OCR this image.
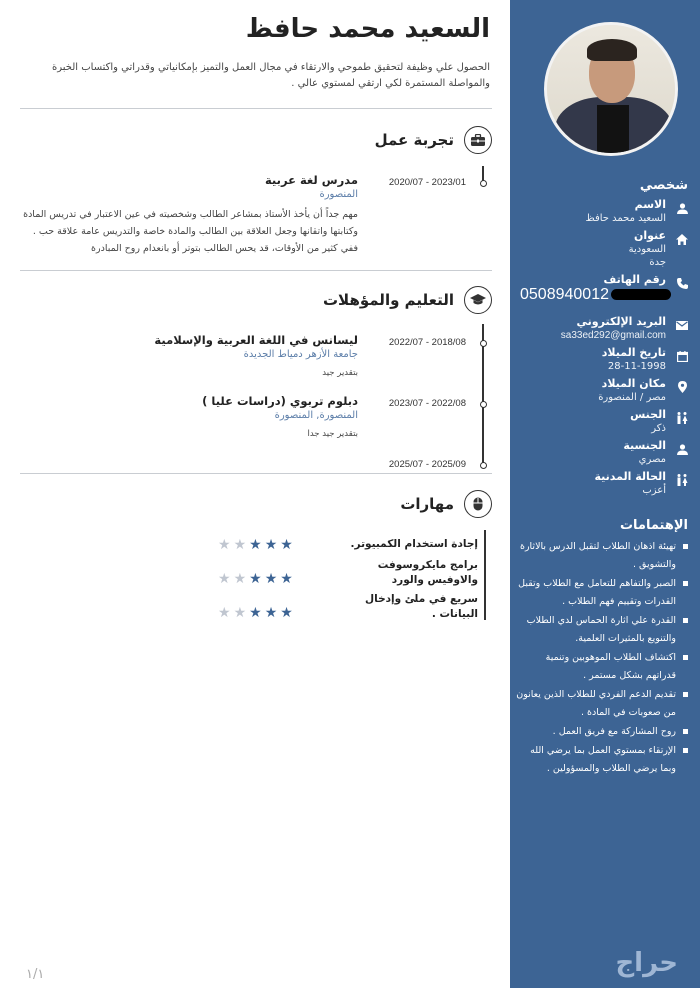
السعيد محمد حافظ
الحصول علي وظيفة لتحقيق طموحي والارتقاء في مجال العمل والتميز بإمكانياتي وقدراتي واكتساب الخبرة والمواصلة المستمرة لكي ارتقي لمستوي عالي .
تجربة عمل
2020/07 - 2023/01
مدرس لغة عربية
المنصورة
مهم جداً أن يأخذ الأستاذ بمشاعر الطالب وشخصيته في عين الاعتبار في تدريس المادة وكتابتها واتقانها وجعل العلاقة بين الطالب والمادة خاصة والتدريس عامة علاقة حب . ففي كثير من الأوقات، قد يحس الطالب بتوتر أو بانعدام روح المبادرة
التعليم والمؤهلات
2022/07 - 2018/08
ليسانس في اللغة العربية والإسلامية
جامعة الأزهر دمياط الجديدة
بتقدير جيد
2023/07 - 2022/08
دبلوم تربوي (دراسات عليا )
المنصورة, المنصورة
بتقدير جيد جدا
2025/07 - 2025/09
مهارات
إجادة استخدام الكمبيوتر.
★ ★ ★ ★ ★
برامج مايكروسوفت والاوفيس والورد
★ ★ ★ ★ ★
سريع في ملئ وإدخال البيانات .
★ ★ ★ ★ ★
١/١
شخصي
الاسم
السعيد محمد حافظ
عنوان
السعودية
جدة
رقم الهاتف
البريد الإلكتروني
sa33ed292@gmail.com
تاريخ الميلاد
28-11-1998
مكان الميلاد
مصر / المنصورة
الجنس
ذكر
الجنسية
مصري
الحالة المدنية
أعزب
0508940012
الإهتمامات
تهيئة اذهان الطلاب لتقبل الدرس بالاثارة والتشويق .
الصبر والتفاهم للتعامل مع الطلاب وتقبل القدرات وتقييم فهم الطلاب .
القدرة علي اثارة الحماس لدي الطلاب والتنويع بالمثيرات العلمية.
اكتشاف الطلاب الموهوبين وتنمية قدراتهم بشكل مستمر .
تقديم الدعم الفردي للطلاب الذين يعانون من صعوبات في المادة .
روح المشاركة مع فريق العمل .
الإرتقاء بمستوي العمل بما يرضي الله وبما يرضي الطلاب والمسؤولين .
حراج
